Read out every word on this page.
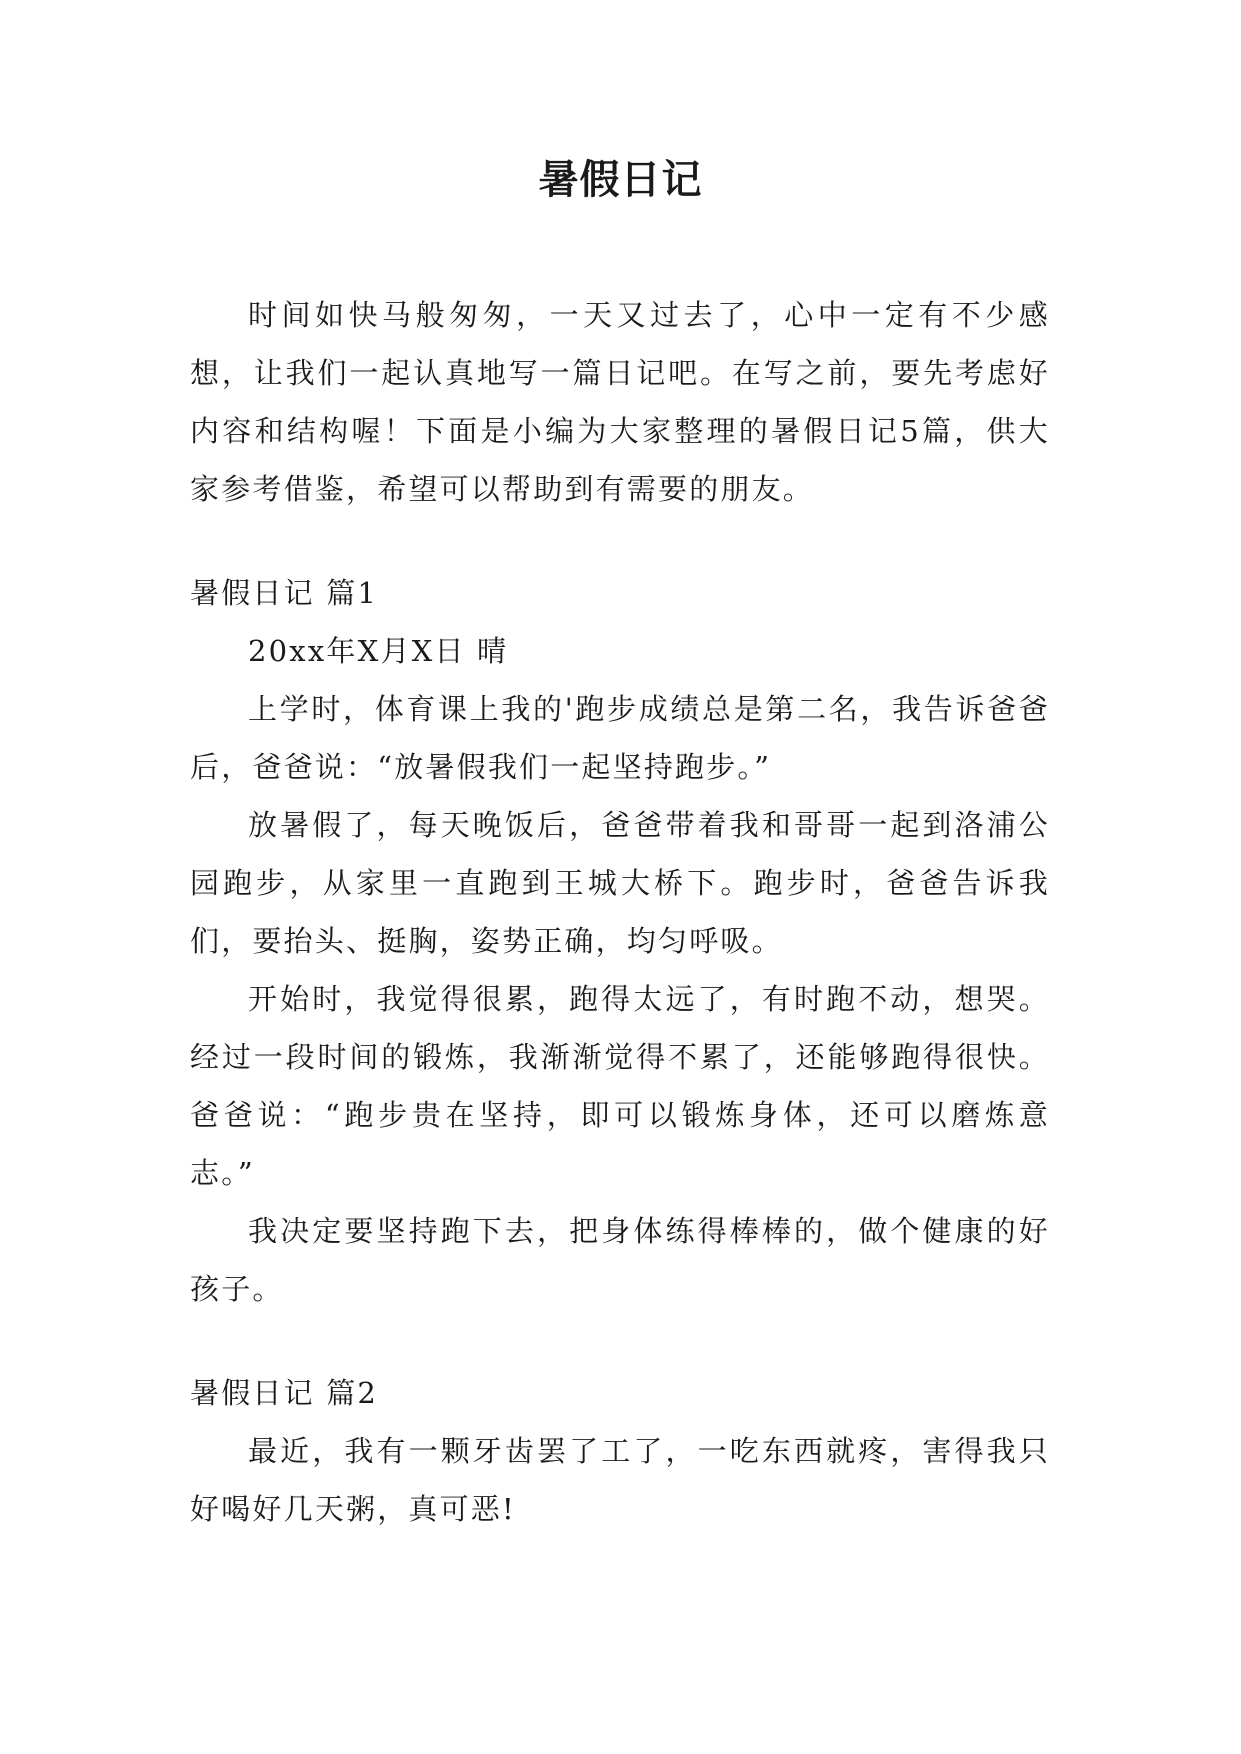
暑假日记

时间如快马般匆匆，一天又过去了，心中一定有不少感想，让我们一起认真地写一篇日记吧。在写之前，要先考虑好内容和结构喔！下面是小编为大家整理的暑假日记5篇，供大家参考借鉴，希望可以帮助到有需要的朋友。

暑假日记 篇1

20xx年X月X日 晴

上学时，体育课上我的'跑步成绩总是第二名，我告诉爸爸后，爸爸说：“放暑假我们一起坚持跑步。”

放暑假了，每天晚饭后，爸爸带着我和哥哥一起到洛浦公园跑步，从家里一直跑到王城大桥下。跑步时，爸爸告诉我们，要抬头、挺胸，姿势正确，均匀呼吸。

开始时，我觉得很累，跑得太远了，有时跑不动，想哭。经过一段时间的锻炼，我渐渐觉得不累了，还能够跑得很快。爸爸说：“跑步贵在坚持，即可以锻炼身体，还可以磨炼意志。”

我决定要坚持跑下去，把身体练得棒棒的，做个健康的好孩子。

暑假日记 篇2

最近，我有一颗牙齿罢了工了，一吃东西就疼，害得我只好喝好几天粥，真可恶!
